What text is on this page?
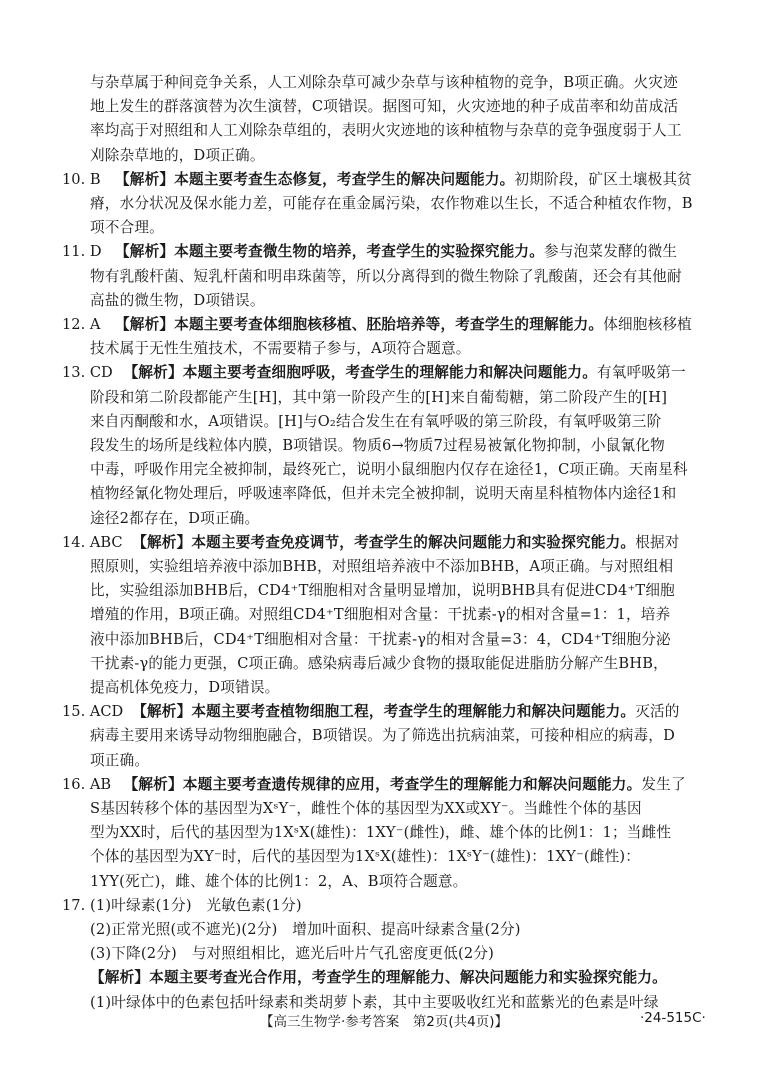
与杂草属于种间竞争关系，人工刈除杂草可减少杂草与该种植物的竞争，B项正确。火灾迹
地上发生的群落演替为次生演替，C项错误。据图可知，火灾迹地的种子成苗率和幼苗成活
率均高于对照组和人工刈除杂草组的，表明火灾迹地的该种植物与杂草的竞争强度弱于人工
刈除杂草地的，D项正确。
10. B 【解析】本题主要考查生态修复，考查学生的解决问题能力。初期阶段，矿区土壤极其贫
瘠，水分状况及保水能力差，可能存在重金属污染，农作物难以生长，不适合种植农作物，B
项不合理。
11. D 【解析】本题主要考查微生物的培养，考查学生的实验探究能力。参与泡菜发酵的微生
物有乳酸杆菌、短乳杆菌和明串珠菌等，所以分离得到的微生物除了乳酸菌，还会有其他耐
高盐的微生物，D项错误。
12. A 【解析】本题主要考查体细胞核移植、胚胎培养等，考查学生的理解能力。体细胞核移植
技术属于无性生殖技术，不需要精子参与，A项符合题意。
13. CD 【解析】本题主要考查细胞呼吸，考查学生的理解能力和解决问题能力。有氧呼吸第一
阶段和第二阶段都能产生[H]，其中第一阶段产生的[H]来自葡萄糖，第二阶段产生的[H]
来自丙酮酸和水，A项错误。[H]与O₂结合发生在有氧呼吸的第三阶段，有氧呼吸第三阶
段发生的场所是线粒体内膜，B项错误。物质6→物质7过程易被氰化物抑制，小鼠氰化物
中毒，呼吸作用完全被抑制，最终死亡，说明小鼠细胞内仅存在途径1，C项正确。天南星科
植物经氰化物处理后，呼吸速率降低，但并未完全被抑制，说明天南星科植物体内途径1和
途径2都存在，D项正确。
14. ABC 【解析】本题主要考查免疫调节，考查学生的解决问题能力和实验探究能力。根据对
照原则，实验组培养液中添加BHB，对照组培养液中不添加BHB，A项正确。与对照组相
比，实验组添加BHB后，CD4⁺T细胞相对含量明显增加，说明BHB具有促进CD4⁺T细胞
增殖的作用，B项正确。对照组CD4⁺T细胞相对含量：干扰素-γ的相对含量=1：1，培养
液中添加BHB后，CD4⁺T细胞相对含量：干扰素-γ的相对含量=3：4，CD4⁺T细胞分泌
干扰素-γ的能力更强，C项正确。感染病毒后减少食物的摄取能促进脂肪分解产生BHB，
提高机体免疫力，D项错误。
15. ACD 【解析】本题主要考查植物细胞工程，考查学生的理解能力和解决问题能力。灭活的
病毒主要用来诱导动物细胞融合，B项错误。为了筛选出抗病油菜，可接种相应的病毒，D
项正确。
16. AB 【解析】本题主要考查遗传规律的应用，考查学生的理解能力和解决问题能力。发生了
S基因转移个体的基因型为XˢY⁻，雌性个体的基因型为XX或XY⁻。当雌性个体的基因
型为XX时，后代的基因型为1XˢX(雄性)：1XY⁻(雌性)，雌、雄个体的比例1：1；当雌性
个体的基因型为XY⁻时，后代的基因型为1XˢX(雄性)：1XˢY⁻(雄性)：1XY⁻(雌性)：
1YY(死亡)，雌、雄个体的比例1：2，A、B项符合题意。
17. (1)叶绿素(1分)　光敏色素(1分)
(2)正常光照(或不遮光)(2分)　增加叶面积、提高叶绿素含量(2分)
(3)下降(2分)　与对照组相比，遮光后叶片气孔密度更低(2分)
【解析】本题主要考查光合作用，考查学生的理解能力、解决问题能力和实验探究能力。
(1)叶绿体中的色素包括叶绿素和类胡萝卜素，其中主要吸收红光和蓝紫光的色素是叶绿
【高三生物学·参考答案　第2页(共4页)】	·24-515C·
